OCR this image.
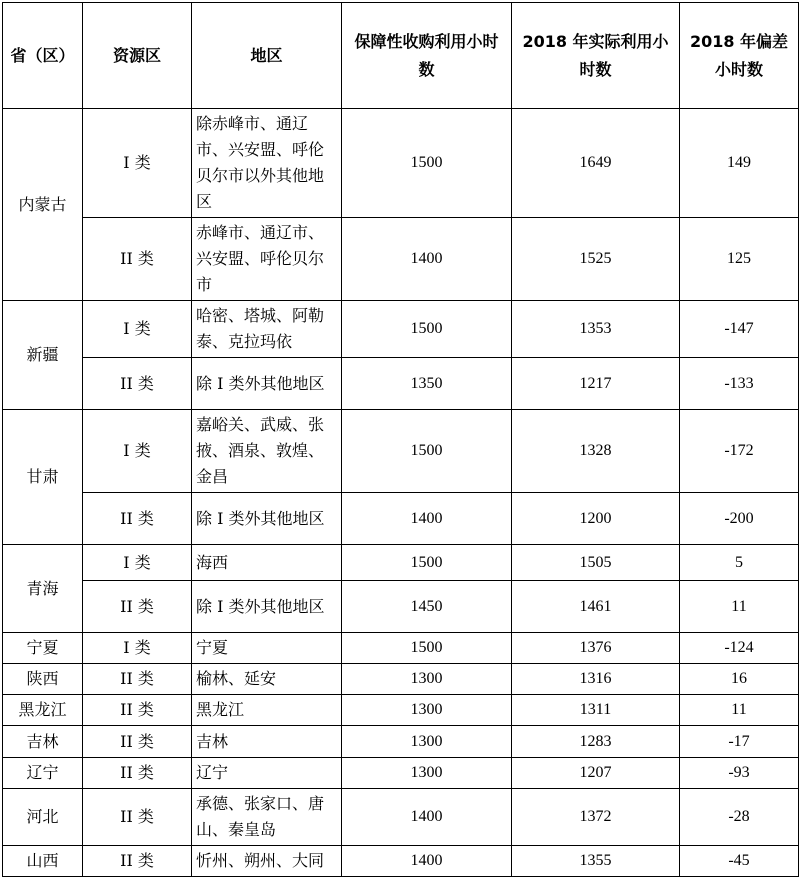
省（区）	资源区	地区	保障性收购利用小时数	2018 年实际利用小时数	2018 年偏差小时数
内蒙古	I 类	除赤峰市、通辽市、兴安盟、呼伦贝尔市以外其他地区	1500	1649	149
	II 类	赤峰市、通辽市、兴安盟、呼伦贝尔市	1400	1525	125
新疆	I 类	哈密、塔城、阿勒泰、克拉玛依	1500	1353	-147
	II 类	除 I 类外其他地区	1350	1217	-133
甘肃	I 类	嘉峪关、武威、张掖、酒泉、敦煌、金昌	1500	1328	-172
	II 类	除 I 类外其他地区	1400	1200	-200
青海	I 类	海西	1500	1505	5
	II 类	除 I 类外其他地区	1450	1461	11
宁夏	I 类	宁夏	1500	1376	-124
陕西	II 类	榆林、延安	1300	1316	16
黑龙江	II 类	黑龙江	1300	1311	11
吉林	II 类	吉林	1300	1283	-17
辽宁	II 类	辽宁	1300	1207	-93
河北	II 类	承德、张家口、唐山、秦皇岛	1400	1372	-28
山西	II 类	忻州、朔州、大同	1400	1355	-45
